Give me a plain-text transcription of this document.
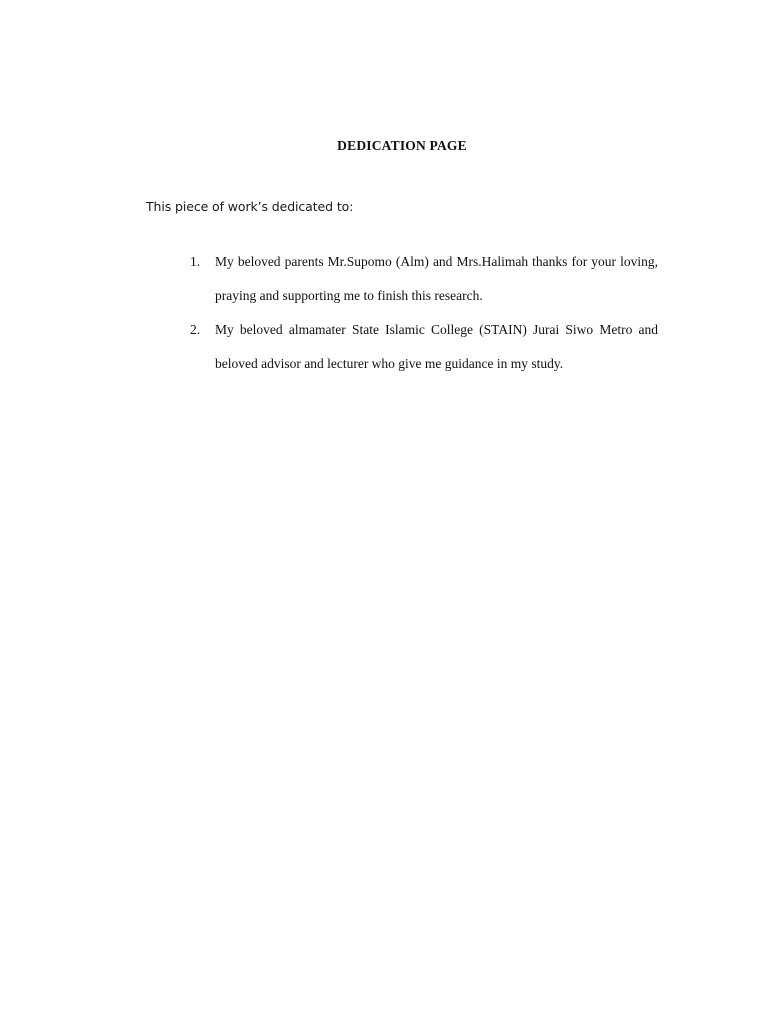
DEDICATION PAGE

This piece of work’s dedicated to:

1. My beloved parents Mr.Supomo (Alm) and Mrs.Halimah thanks for your loving, praying and supporting me to finish this research.
2. My beloved almamater State Islamic College (STAIN) Jurai Siwo Metro and beloved advisor and lecturer who give me guidance in my study.
